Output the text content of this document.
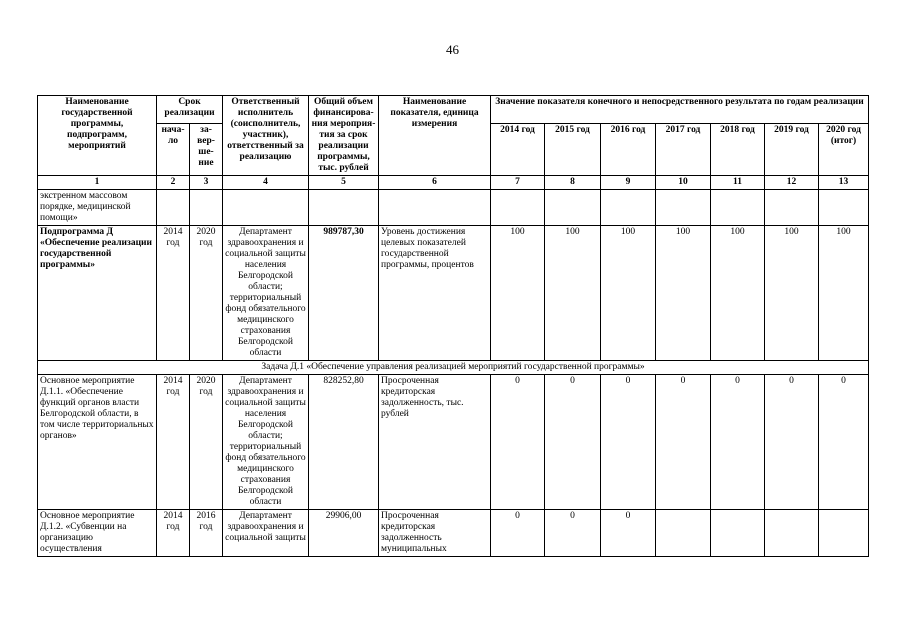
46
Наименование государственной программы, подпрограмм, мероприятий	Срок реализации		Ответственный исполнитель (соисполнитель, участник), ответственный за реализацию	Общий объем финансирова-ния мероприя-тия за срок реализации программы, тыс. рублей	Наименование показателя, единица измерения	Значение показателя конечного и непосредственного результата по годам реализации						
	нача-ло	за-вер-ше-ние				2014 год	2015 год	2016 год	2017 год	2018 год	2019 год	2020 год (итог)
1	2	3	4	5	6	7	8	9	10	11	12	13
экстренном массовом порядке, медицинской помощи»												
Подпрограмма Д «Обеспечение реализации государственной программы»	2014 год	2020 год	Департамент здравоохранения и социальной защиты населения Белгородской области; территориальный фонд обязательного медицинского страхования Белгородской области	989787,30	Уровень достижения целевых показателей государственной программы, процентов	100	100	100	100	100	100	100
Задача Д.1 «Обеспечение управления реализацией мероприятий государственной программы»												
Основное мероприятие Д.1.1. «Обеспечение функций органов власти Белгородской области, в том числе территориальных органов»	2014 год	2020 год	Департамент здравоохранения и социальной защиты населения Белгородской области; территориальный фонд обязательного медицинского страхования Белгородской области	828252,80	Просроченная кредиторская задолженность, тыс. рублей	0	0	0	0	0	0	0
Основное мероприятие Д.1.2. «Субвенции на организацию осуществления	2014 год	2016 год	Департамент здравоохранения и социальной защиты	29906,00	Просроченная кредиторская задолженность муниципальных	0	0	0				
